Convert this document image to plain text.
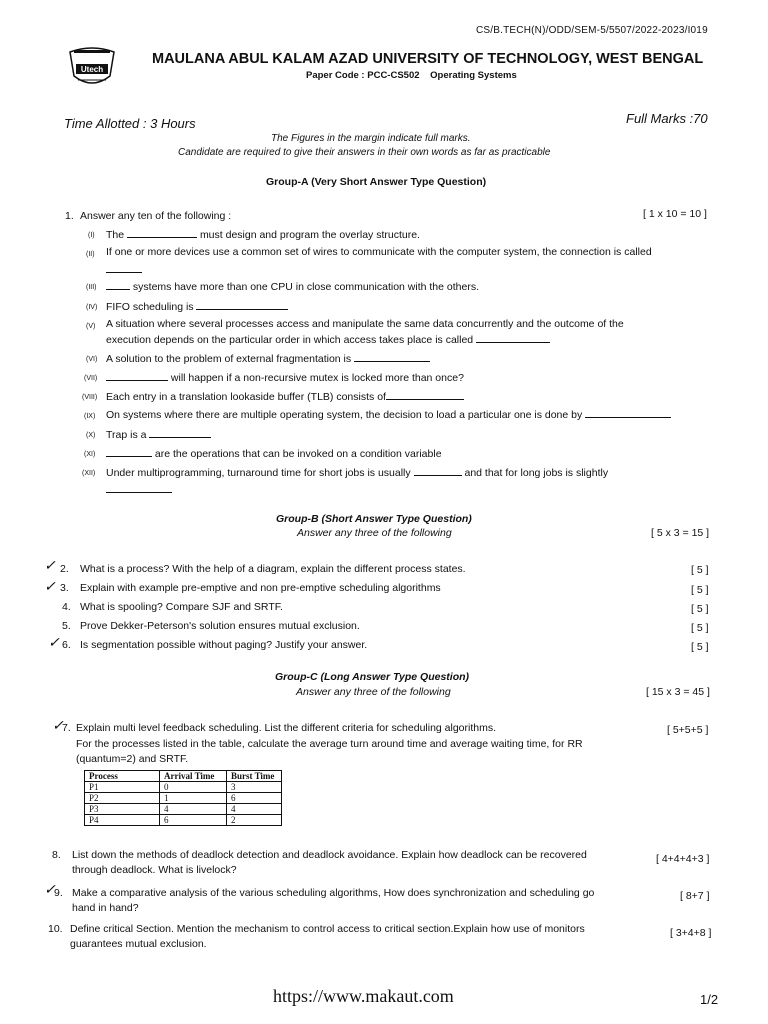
CS/B.TECH(N)/ODD/SEM-5/5507/2022-2023/I019
Utech
MAULANA ABUL KALAM AZAD UNIVERSITY OF TECHNOLOGY, WEST BENGAL
Paper Code : PCC-CS502 Operating Systems
Time Allotted : 3 Hours	Full Marks :70
The Figures in the margin indicate full marks.
Candidate are required to give their answers in their own words as far as practicable
Group-A (Very Short Answer Type Question)
1. Answer any ten of the following :	[ 1 x 10 = 10 ]
(I) The	must design and program the overlay structure.
(II) If one or more devices use a common set of wires to communicate with the computer system, the connection is called
(III)	systems have more than one CPU in close communication with the others.
(IV) FIFO scheduling is
(V) A situation where several processes access and manipulate the same data concurrently and the outcome of the
execution depends on the particular order in which access takes place is called
(VI) A solution to the problem of external fragmentation is
(VII)	will happen if a non-recursive mutex is locked more than once?
(VIII) Each entry in a translation lookaside buffer (TLB) consists of
(IX) On systems where there are multiple operating system, the decision to load a particular one is done by
(X) Trap is a
(XI)	are the operations that can be invoked on a condition variable
(XII) Under multiprogramming, turnaround time for short jobs is usually	and that for long jobs is slightly
Group-B (Short Answer Type Question)
Answer any three of the following	[ 5 x 3 = 15 ]
✓ 2. What is a process? With the help of a diagram, explain the different process states.	[ 5 ]
✓ 3. Explain with example pre-emptive and non pre-emptive scheduling algorithms	[ 5 ]
4. What is spooling? Compare SJF and SRTF.	[ 5 ]
5. Prove Dekker-Peterson's solution ensures mutual exclusion.	[ 5 ]
✓ 6. Is segmentation possible without paging? Justify your answer.	[ 5 ]
Group-C (Long Answer Type Question)
Answer any three of the following	[ 15 x 3 = 45 ]
✓
7. Explain multi level feedback scheduling. List the different criteria for scheduling algorithms.	[ 5+5+5 ]
For the processes listed in the table, calculate the average turn around time and average waiting time, for RR
(quantum=2) and SRTF.
Process	Arrival Time	Burst Time
P1	0	3
P2	1	6
P3	4	4
P4	6	2
8. List down the methods of deadlock detection and deadlock avoidance. Explain how deadlock can be recovered	[ 4+4+4+3 ]
through deadlock. What is livelock?
✓
9. Make a comparative analysis of the various scheduling algorithms, How does synchronization and scheduling go	[ 8+7 ]
hand in hand?
10. Define critical Section. Mention the mechanism to control access to critical section.Explain how use of monitors	[ 3+4+8 ]
guarantees mutual exclusion.
https://www.makaut.com	1/2
